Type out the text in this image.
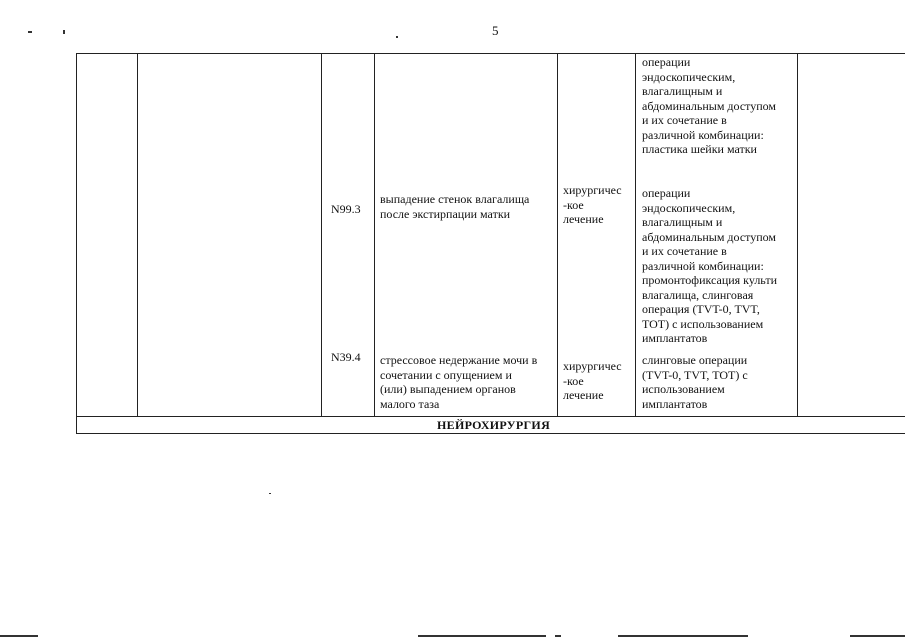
5
операции
эндоскопическим,
влагалищным и
абдоминальным доступом
и их сочетание в
различной комбинации:
пластика шейки матки
N99.3
выпадение стенок влагалища
после экстирпации матки
хирургичес
-кое
лечение
операции
эндоскопическим,
влагалищным и
абдоминальным доступом
и их сочетание в
различной комбинации:
промонтофиксация культи
влагалища, слинговая
операция (TVT-0, TVT,
TOT) с использованием
имплантатов
N39.4 стрессовое недержание мочи в
сочетании с опущением и
(или) выпадением органов
малого таза
хирургичес
-кое
лечение
слинговые операции
(TVT-0, TVT, TOT) с
использованием
имплантатов
НЕЙРОХИРУРГИЯ
